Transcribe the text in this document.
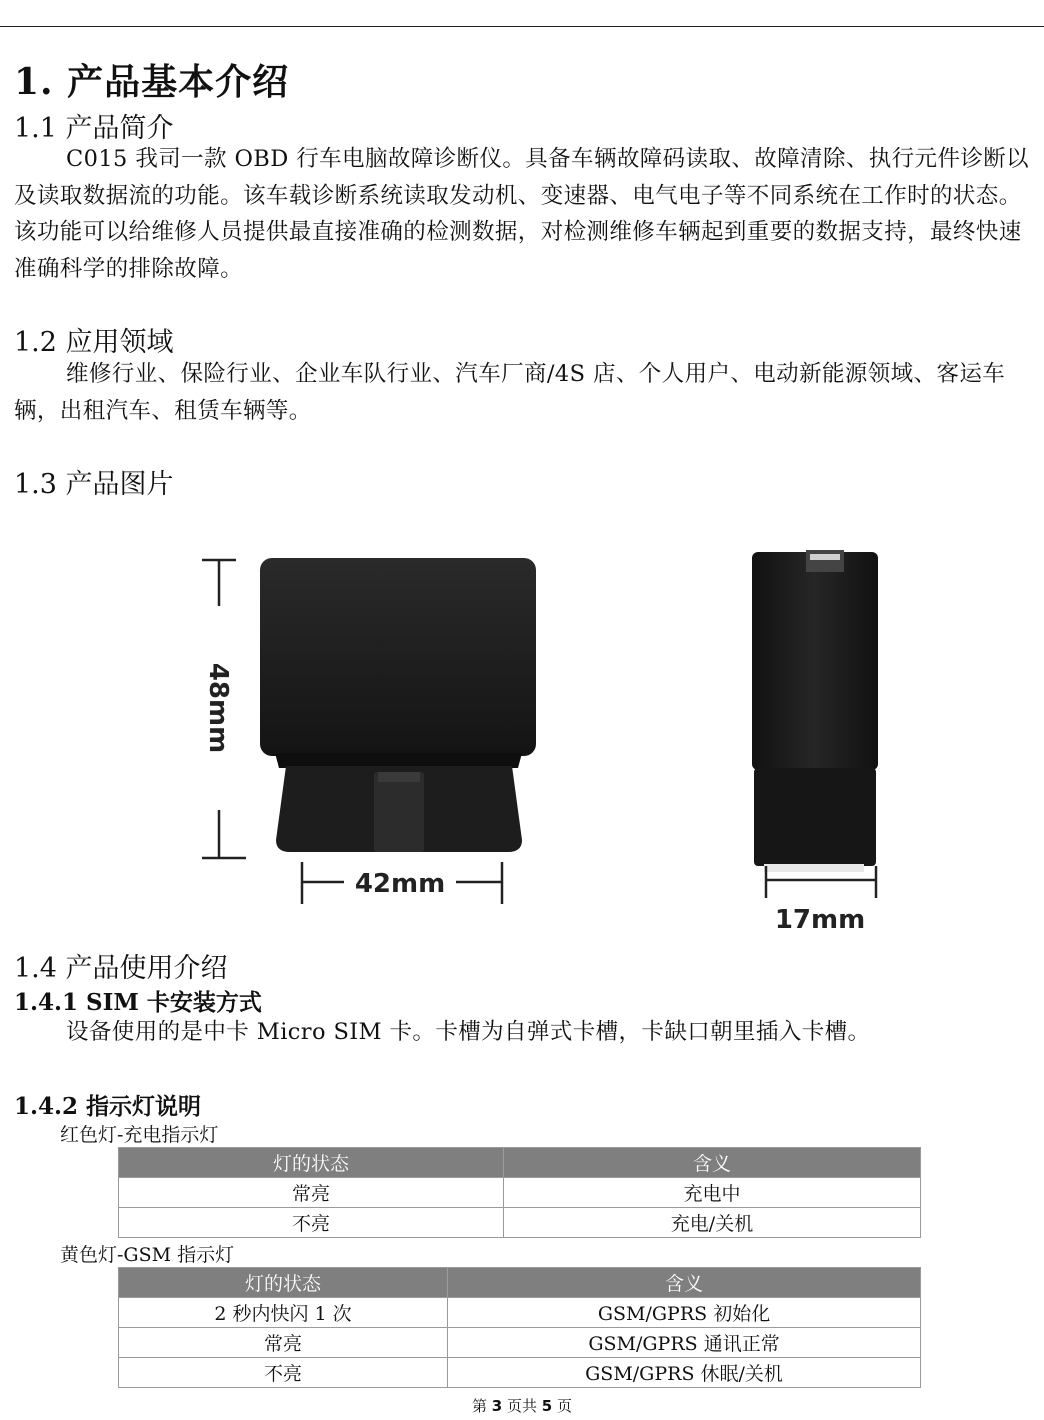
1. 产品基本介绍
1.1 产品简介

C015 我司一款 OBD 行车电脑故障诊断仪。具备车辆故障码读取、故障清除、执行元件诊断以及读取数据流的功能。该车载诊断系统读取发动机、变速器、电气电子等不同系统在工作时的状态。该功能可以给维修人员提供最直接准确的检测数据，对检测维修车辆起到重要的数据支持，最终快速准确科学的排除故障。

1.2 应用领域

维修行业、保险行业、企业车队行业、汽车厂商/4S 店、个人用户、电动新能源领域、客运车辆，出租汽车、租赁车辆等。

1.3 产品图片
48mm
42mm
17mm
1.4 产品使用介绍
1.4.1 SIM 卡安装方式

设备使用的是中卡 Micro SIM 卡。卡槽为自弹式卡槽，卡缺口朝里插入卡槽。

1.4.2 指示灯说明

红色灯-充电指示灯

灯的状态	含义
常亮	充电中
不亮	充电/关机

黄色灯-GSM 指示灯

灯的状态	含义
2 秒内快闪 1 次	GSM/GPRS 初始化
常亮	GSM/GPRS 通讯正常
不亮	GSM/GPRS 休眠/关机
第 3 页共 5 页
